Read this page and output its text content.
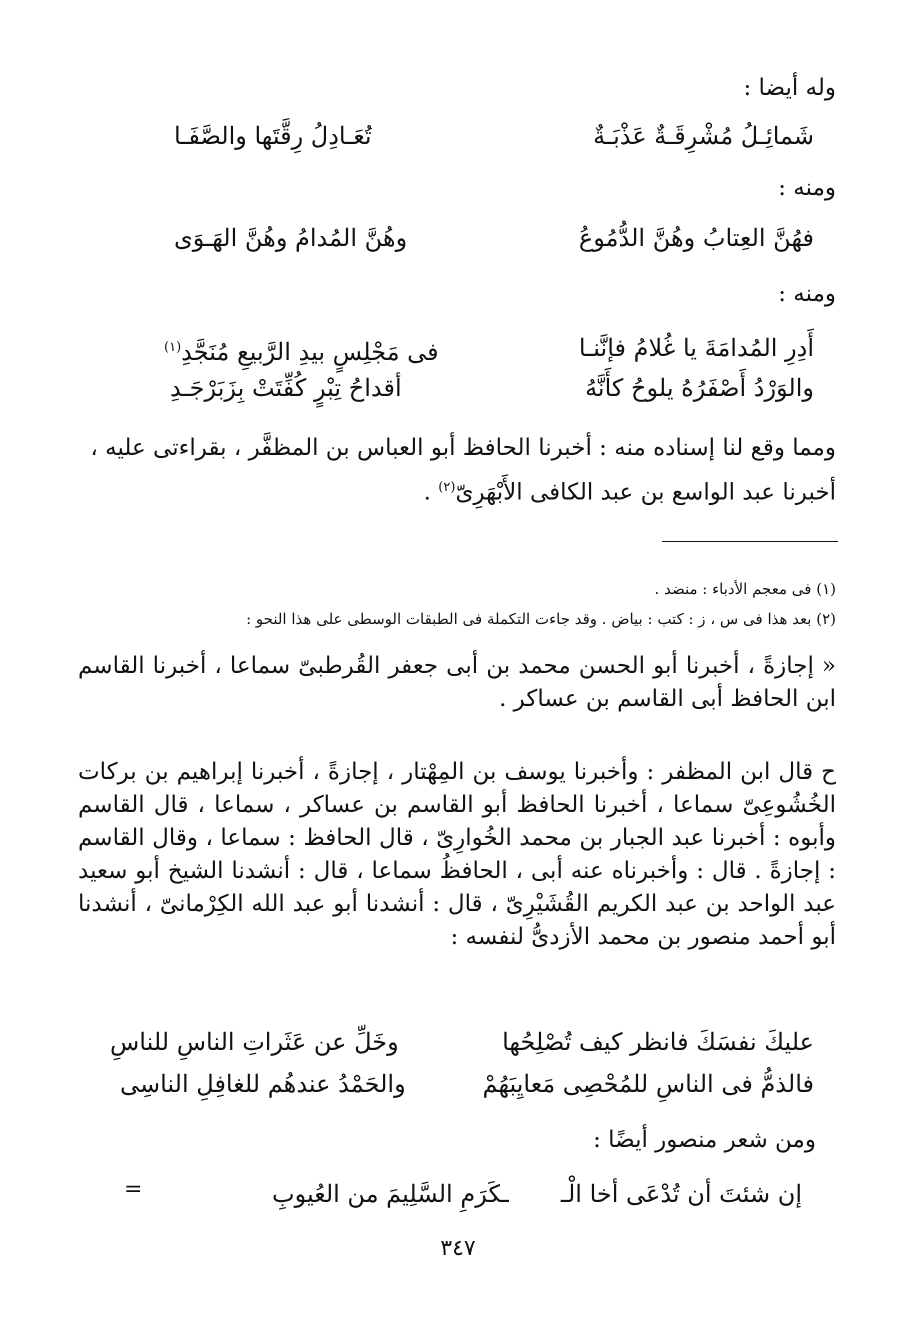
وله أيضا :
شَمائِـلُ مُشْرِقَـةٌ عَذْبَـةٌ
تُعَـادِلُ رِقَّتَها والصَّفَـا
ومنه :
فهُنَّ العِتابُ وهُنَّ الدُّمُوعُ
وهُنَّ المُدامُ وهُنَّ الهَـوَى
ومنه :
أَدِرِ المُدامَةَ يا غُلامُ فإنَّنـا
فى مَجْلِسٍ بيدِ الرَّبيعِ مُنَجَّدِ$^{(١)}$
والوَرْدُ أَصْفَرُهُ يلوحُ كأَنَّهُ
أقداحُ تِبْرٍ كُفِّتَتْ بِزَبَرْجَـدِ
ومما وقع لنا إسناده منه : أخبرنا الحافظ أبو العباس بن المظفَّر ، بقراءتى عليه ،
أخبرنا عبد الواسع بن عبد الكافى الأَبْهَرِىّ$^{(٢)}$ .
(١) فى معجم الأدباء : منضد .
(٢) بعد هذا فى س ، ز : كتب : بياض . وقد جاءت التكملة فى الطبقات الوسطى على هذا النحو :
« إجازةً ، أخبرنا أبو الحسن محمد بن أبى جعفر القُرطبىّ سماعا ، أخبرنا القاسم ابن الحافظ أبى القاسم بن عساكر .
ح قال ابن المظفر : وأخبرنا يوسف بن المِهْتار ، إجازةً ، أخبرنا إبراهيم بن بركات الخُشُوعِىّ سماعا ، أخبرنا الحافظ أبو القاسم بن عساكر ، سماعا ، قال القاسم وأبوه : أخبرنا عبد الجبار بن محمد الخُوارِىّ ، قال الحافظ : سماعا ، وقال القاسم : إجازةً . قال : وأخبرناه عنه أبى ، الحافظُ سماعا ، قال : أنشدنا الشيخ أبو سعيد عبد الواحد بن عبد الكريم القُشَيْرِىّ ، قال : أنشدنا أبو عبد الله الكِرْمانىّ ، أنشدنا أبو أحمد منصور بن محمد الأزدىُّ لنفسه :
عليكَ نفسَكَ فانظر كيف تُصْلِحُها
وخَلِّ عن عَثَراتِ الناسِ للناسِ
فالذمُّ فى الناسِ للمُحْصِى مَعايِبَهُمْ
والحَمْدُ عندهُم للغافِلِ الناسِى
ومن شعر منصور أيضًا :
إن شئتَ أن تُدْعَى أخا الْـ
ـكَرَمِ السَّلِيمَ من العُيوبِ
=
٣٤٧
